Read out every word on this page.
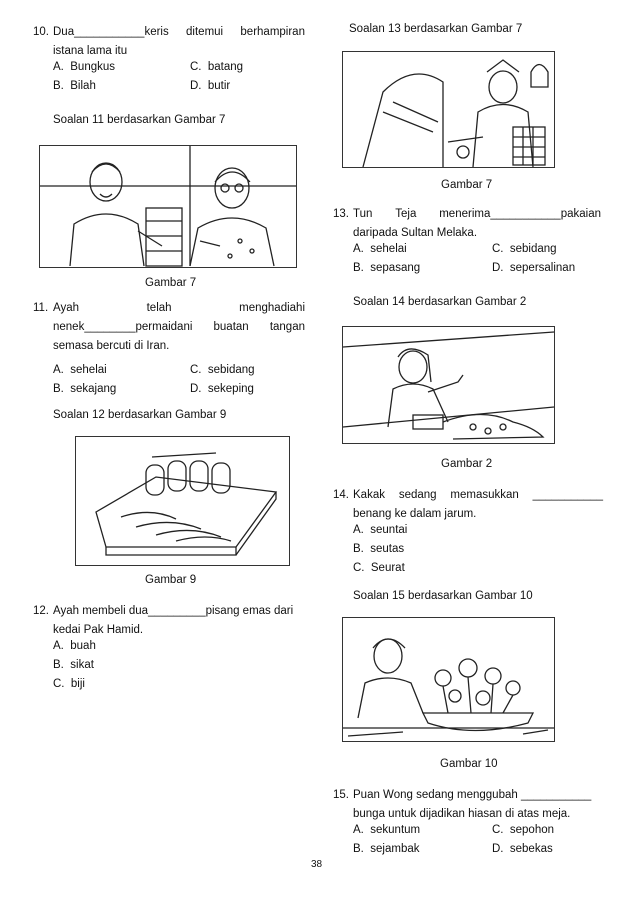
10. Dua___________keris ditemui berhampiran
istana lama itu
A. Bungkus	C. batang
B. Bilah	D. butir
Soalan 11 berdasarkan Gambar 7
Gambar 7
11. Ayah	telah	menghadiahi
nenek________permaidani buatan tangan
semasa bercuti di Iran.
A. sehelai	C. sebidang
B. sekajang	D. sekeping
Soalan 12 berdasarkan Gambar 9
Gambar 9
12. Ayah membeli dua_________pisang emas dari
kedai Pak Hamid.
A. buah
B. sikat
C. biji
Soalan 13 berdasarkan Gambar 7
Gambar 7
13. Tun Teja menerima___________pakaian
daripada Sultan Melaka.
A. sehelai	C. sebidang
B. sepasang	D. sepersalinan
Soalan 14 berdasarkan Gambar 2
Gambar 2
14. Kakak sedang memasukkan ___________
benang ke dalam jarum.
A. seuntai
B. seutas
C. Seurat
Soalan 15 berdasarkan Gambar 10
Gambar 10
15. Puan Wong sedang menggubah ___________
bunga untuk dijadikan hiasan di atas meja.
A. sekuntum	C. sepohon
B. sejambak	D. sebekas
38
